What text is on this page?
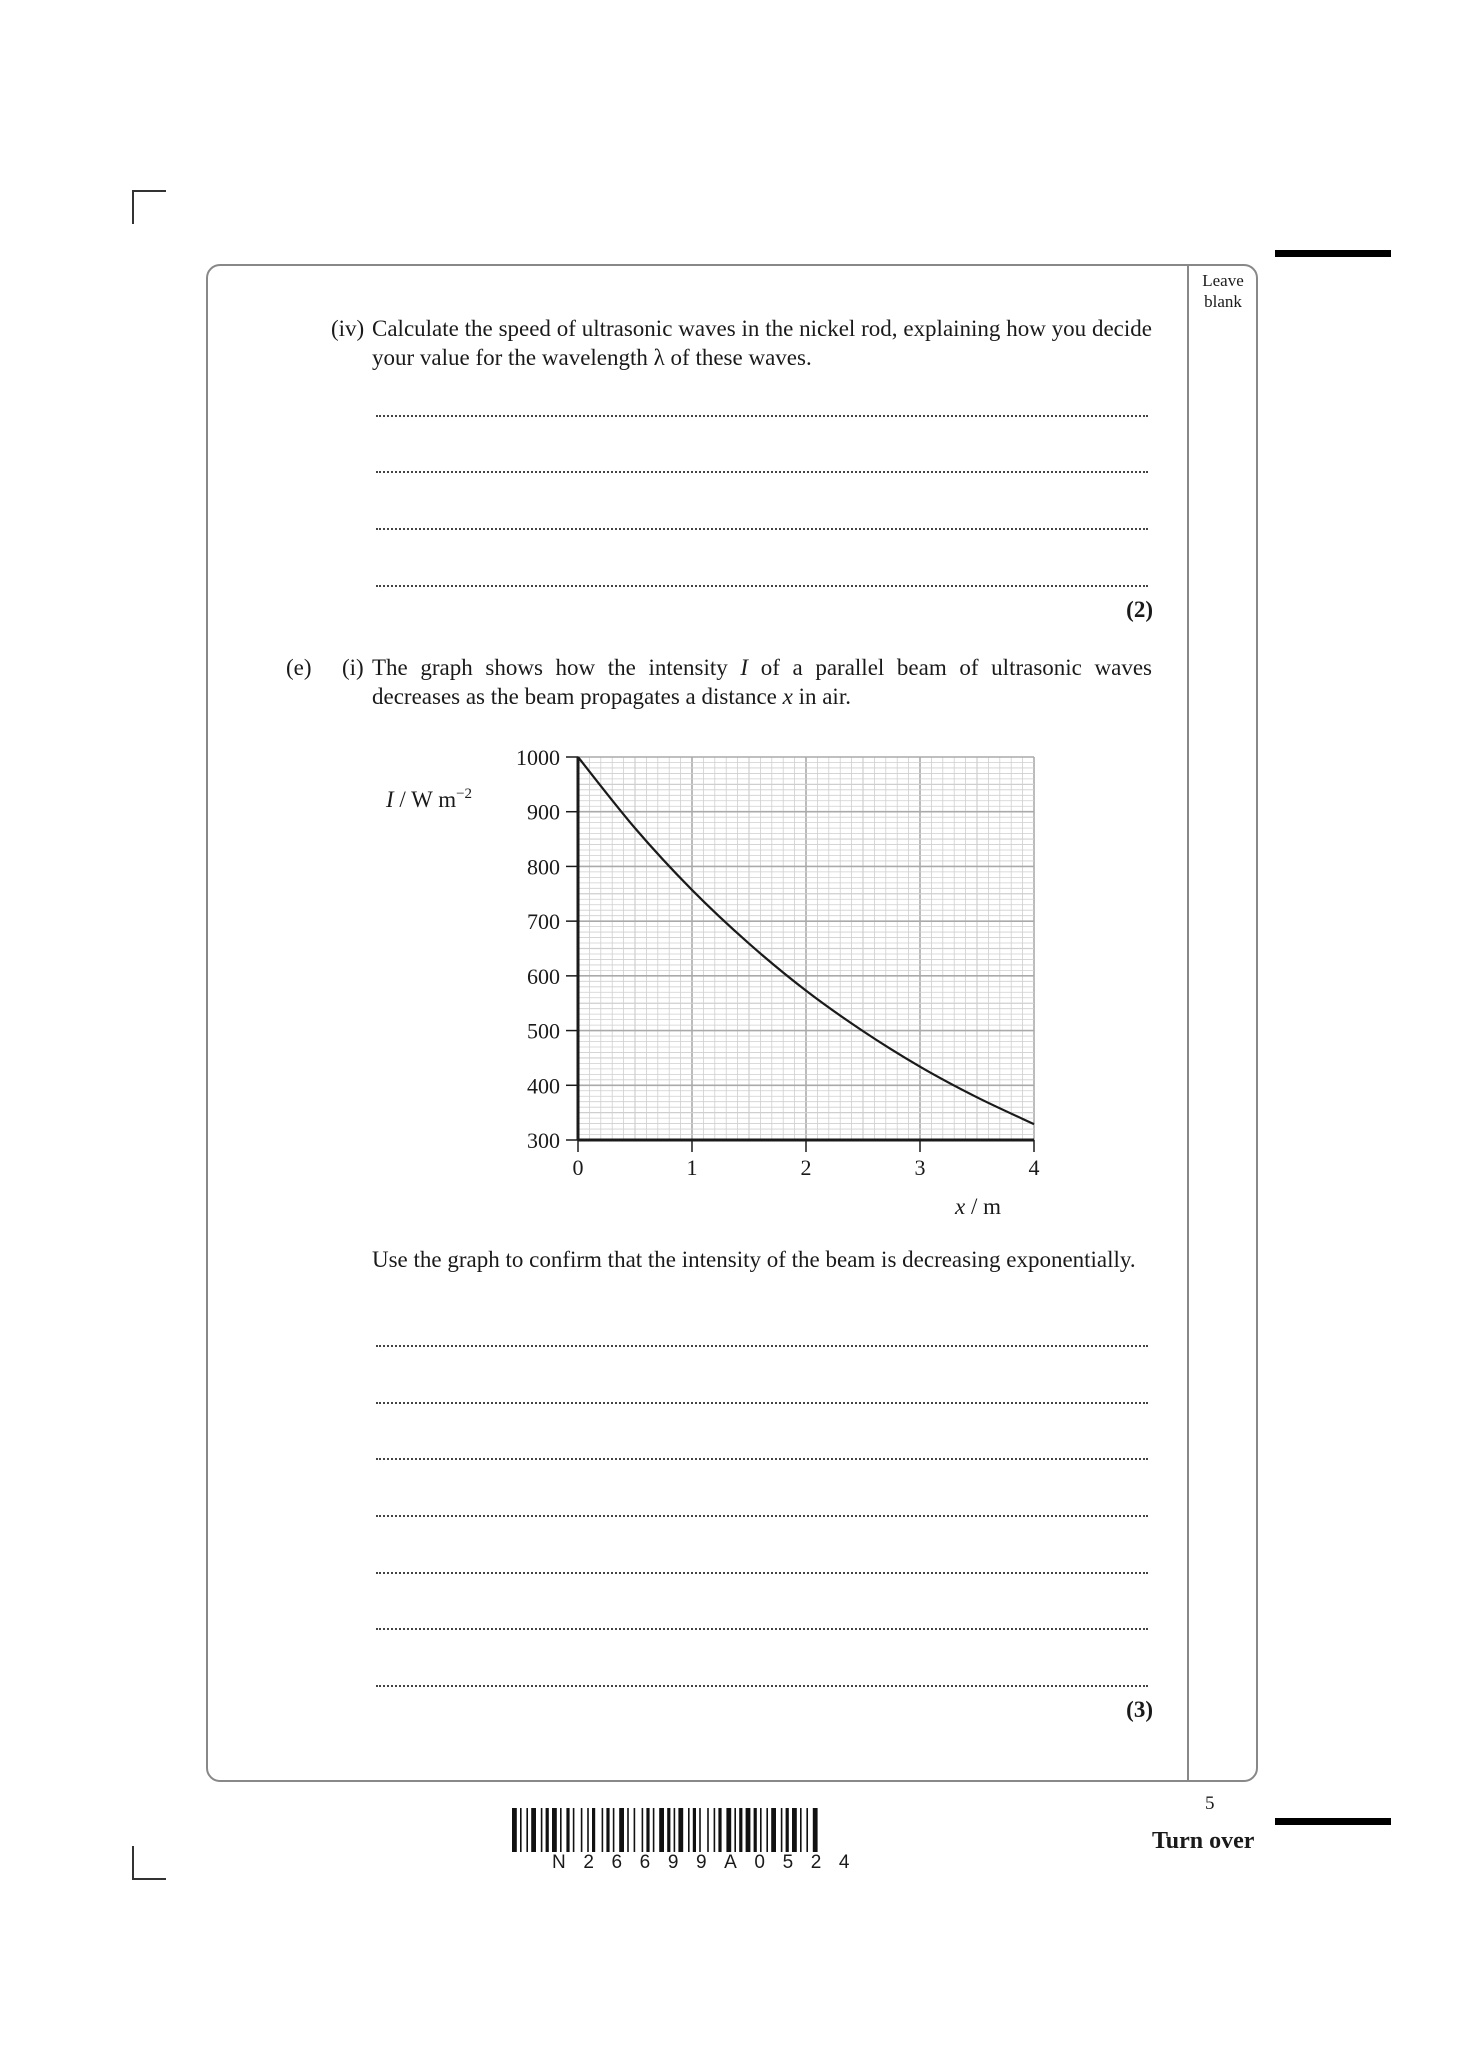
Leave blank
(iv) Calculate the speed of ultrasonic waves in the nickel rod, explaining how you decide your value for the wavelength λ of these waves.
(2)
(e) (i) The graph shows how the intensity I of a parallel beam of ultrasonic waves decreases as the beam propagates a distance x in air.
1000
900
800
700
600
500
400
300
0	1	2	3	4
I / W $m^{-2}$
x / m
Use the graph to confirm that the intensity of the beam is decreasing exponentially.
(3)
N26699A0524
5
Turn over
